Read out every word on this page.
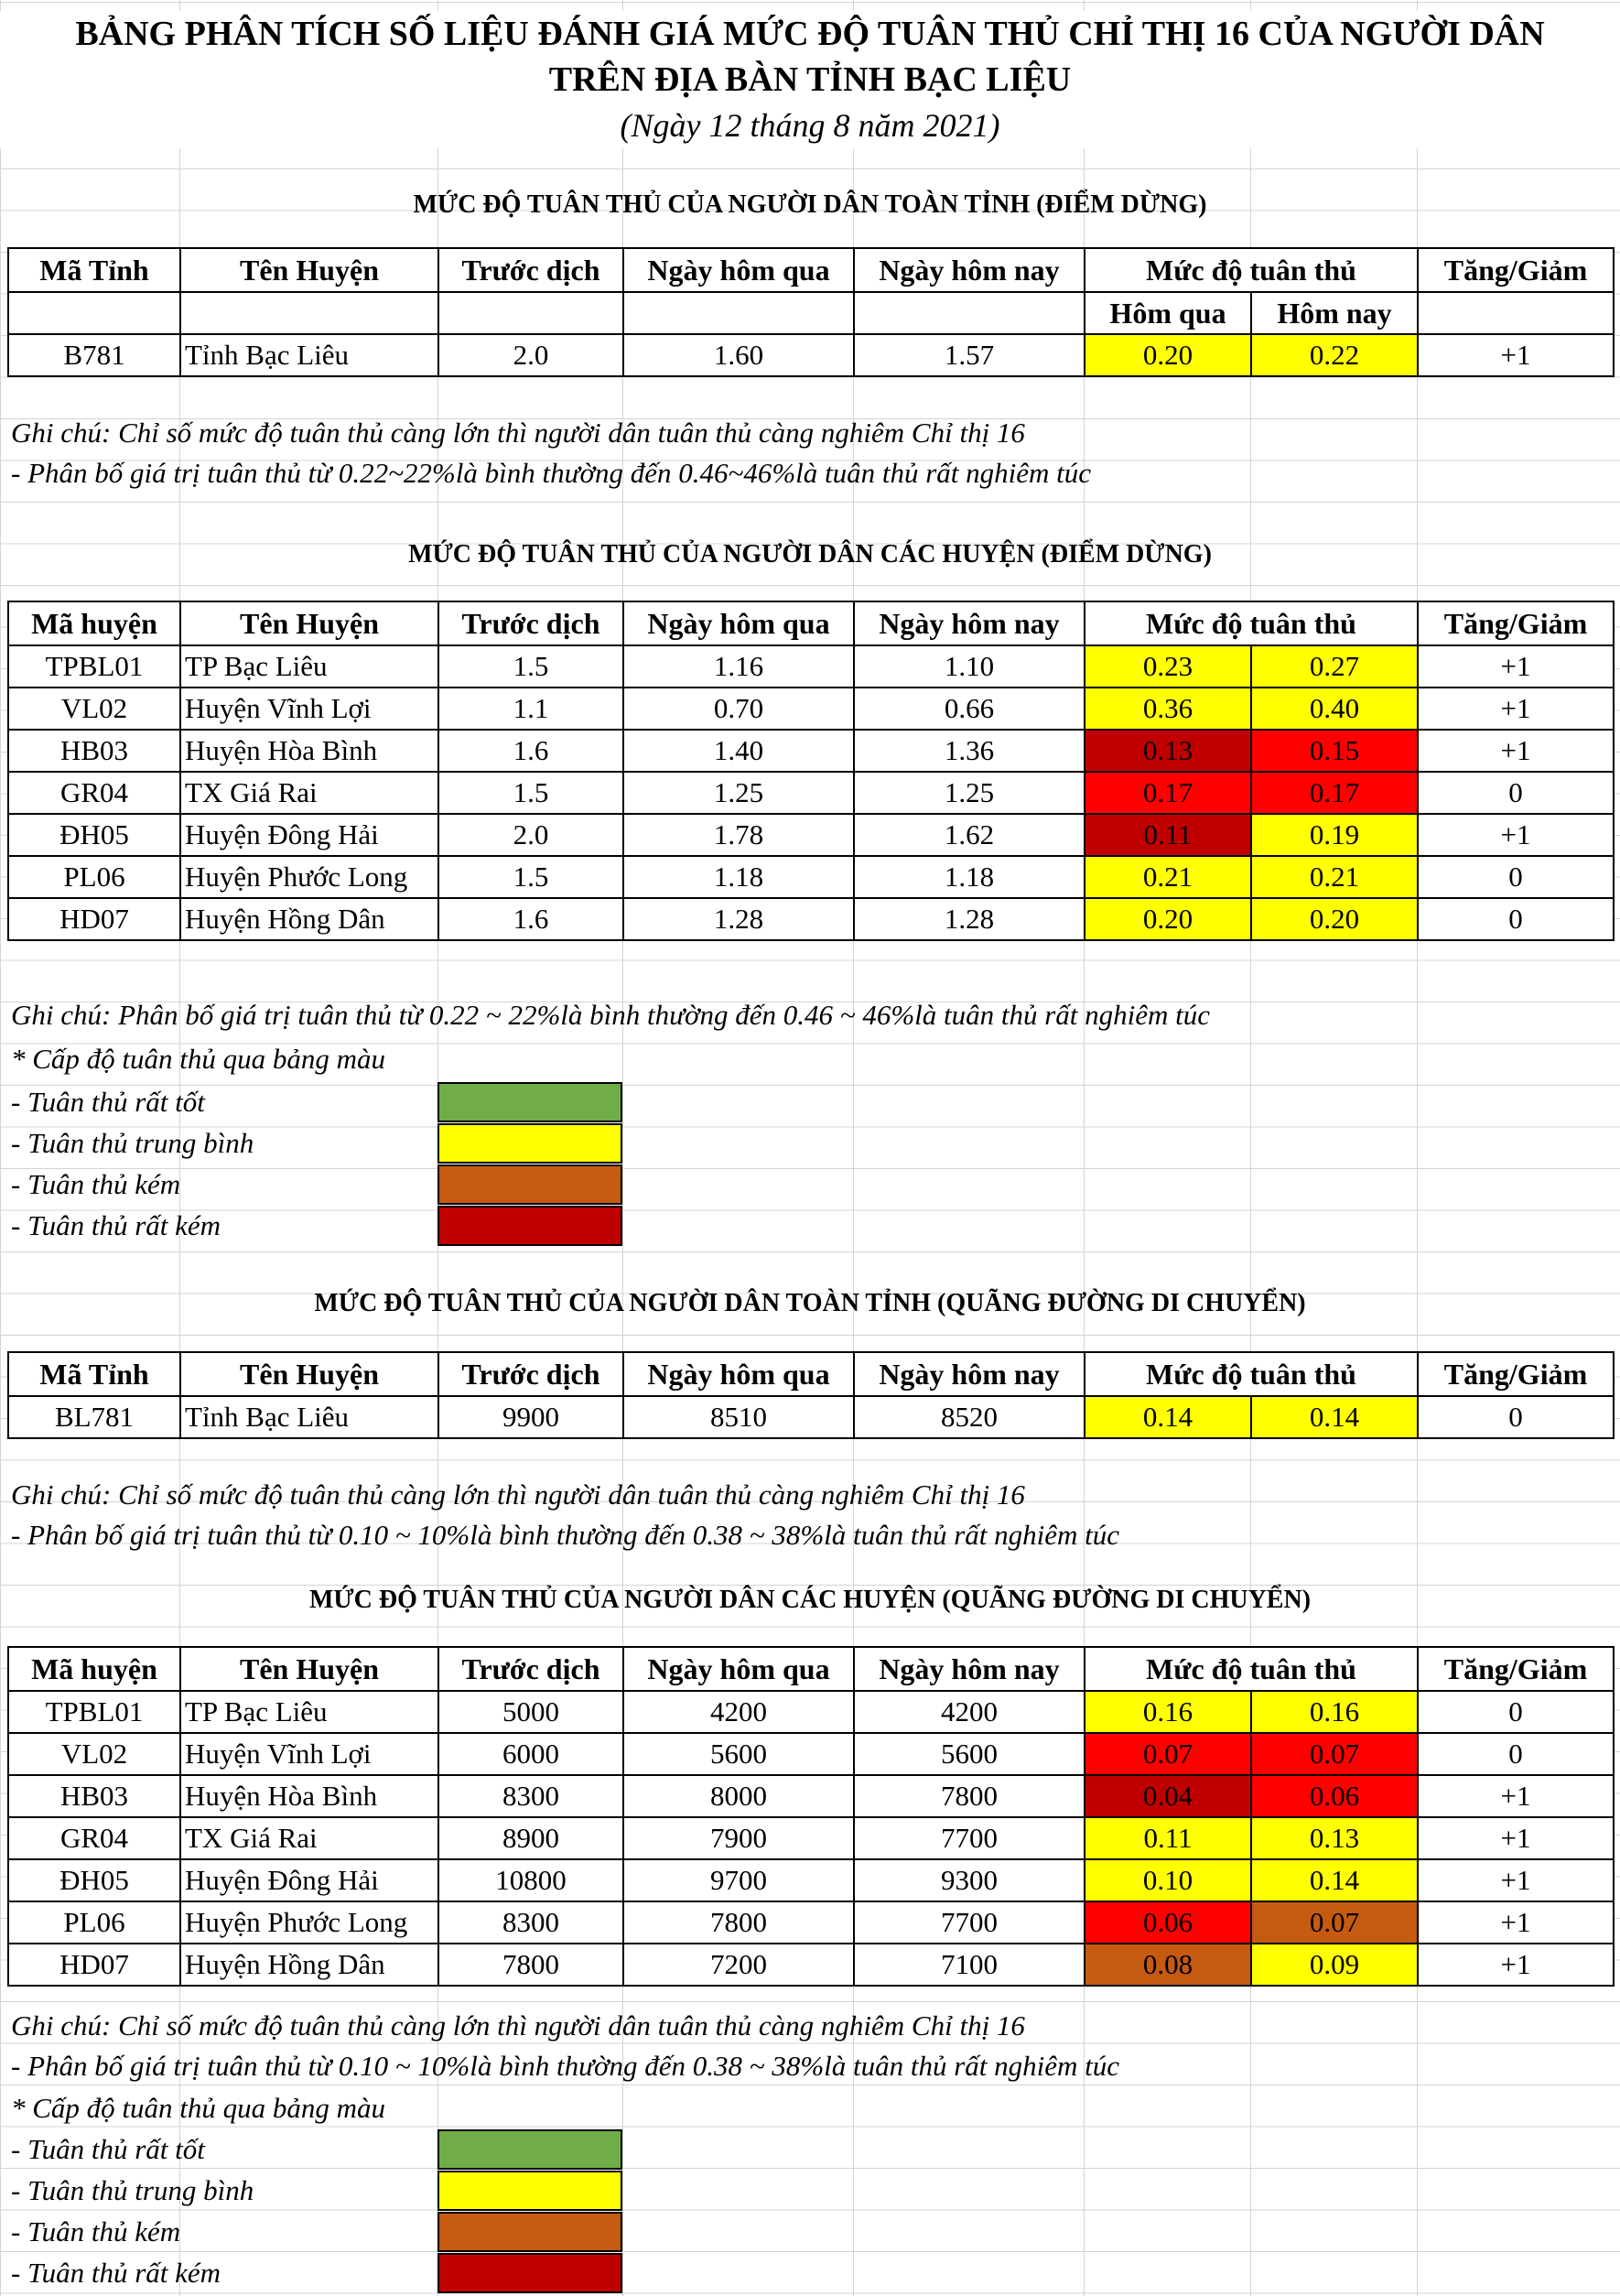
BẢNG PHÂN TÍCH SỐ LIỆU ĐÁNH GIÁ MỨC ĐỘ TUÂN THỦ CHỈ THỊ 16 CỦA NGƯỜI DÂN
TRÊN ĐỊA BÀN TỈNH BẠC LIỆU
(Ngày 12 tháng 8 năm 2021)
MỨC ĐỘ TUÂN THỦ CỦA NGƯỜI DÂN TOÀN TỈNH (ĐIỂM DỪNG)
Mã Tỉnh	Tên Huyện	Trước dịch	Ngày hôm qua	Ngày hôm nay	Mức độ tuân thủ		Tăng/Giảm
					Hôm qua	Hôm nay	
B781	Tỉnh Bạc Liêu	2.0	1.60	1.57	0.20	0.22	+1
Ghi chú: Chỉ số mức độ tuân thủ càng lớn thì người dân tuân thủ càng nghiêm Chỉ thị 16
- Phân bố giá trị tuân thủ từ 0.22~22%là bình thường đến 0.46~46%là tuân thủ rất nghiêm túc
MỨC ĐỘ TUÂN THỦ CỦA NGƯỜI DÂN CÁC HUYỆN (ĐIỂM DỪNG)
Mã huyện	Tên Huyện	Trước dịch	Ngày hôm qua	Ngày hôm nay	Mức độ tuân thủ		Tăng/Giảm
TPBL01	TP Bạc Liêu	1.5	1.16	1.10	0.23	0.27	+1
VL02	Huyện Vĩnh Lợi	1.1	0.70	0.66	0.36	0.40	+1
HB03	Huyện Hòa Bình	1.6	1.40	1.36	0.13	0.15	+1
GR04	TX Giá Rai	1.5	1.25	1.25	0.17	0.17	0
ĐH05	Huyện Đông Hải	2.0	1.78	1.62	0.11	0.19	+1
PL06	Huyện Phước Long	1.5	1.18	1.18	0.21	0.21	0
HD07	Huyện Hồng Dân	1.6	1.28	1.28	0.20	0.20	0
Ghi chú: Phân bố giá trị tuân thủ từ 0.22 ~ 22%là bình thường đến 0.46 ~ 46%là tuân thủ rất nghiêm túc
* Cấp độ tuân thủ qua bảng màu
MỨC ĐỘ TUÂN THỦ CỦA NGƯỜI DÂN TOÀN TỈNH (QUÃNG ĐƯỜNG DI CHUYỂN)
Mã Tỉnh	Tên Huyện	Trước dịch	Ngày hôm qua	Ngày hôm nay	Mức độ tuân thủ		Tăng/Giảm
BL781	Tỉnh Bạc Liêu	9900	8510	8520	0.14	0.14	0
Ghi chú: Chỉ số mức độ tuân thủ càng lớn thì người dân tuân thủ càng nghiêm Chỉ thị 16
- Phân bố giá trị tuân thủ từ 0.10 ~ 10%là bình thường đến 0.38 ~ 38%là tuân thủ rất nghiêm túc
MỨC ĐỘ TUÂN THỦ CỦA NGƯỜI DÂN CÁC HUYỆN (QUÃNG ĐƯỜNG DI CHUYỂN)
Mã huyện	Tên Huyện	Trước dịch	Ngày hôm qua	Ngày hôm nay	Mức độ tuân thủ		Tăng/Giảm
TPBL01	TP Bạc Liêu	5000	4200	4200	0.16	0.16	0
VL02	Huyện Vĩnh Lợi	6000	5600	5600	0.07	0.07	0
HB03	Huyện Hòa Bình	8300	8000	7800	0.04	0.06	+1
GR04	TX Giá Rai	8900	7900	7700	0.11	0.13	+1
ĐH05	Huyện Đông Hải	10800	9700	9300	0.10	0.14	+1
PL06	Huyện Phước Long	8300	7800	7700	0.06	0.07	+1
HD07	Huyện Hồng Dân	7800	7200	7100	0.08	0.09	+1
Ghi chú: Chỉ số mức độ tuân thủ càng lớn thì người dân tuân thủ càng nghiêm Chỉ thị 16
- Phân bố giá trị tuân thủ từ 0.10 ~ 10%là bình thường đến 0.38 ~ 38%là tuân thủ rất nghiêm túc
* Cấp độ tuân thủ qua bảng màu
- Tuân thủ rất tốt
- Tuân thủ trung bình
- Tuân thủ kém
- Tuân thủ rất kém
- Tuân thủ rất tốt
- Tuân thủ trung bình
- Tuân thủ kém
- Tuân thủ rất kém
